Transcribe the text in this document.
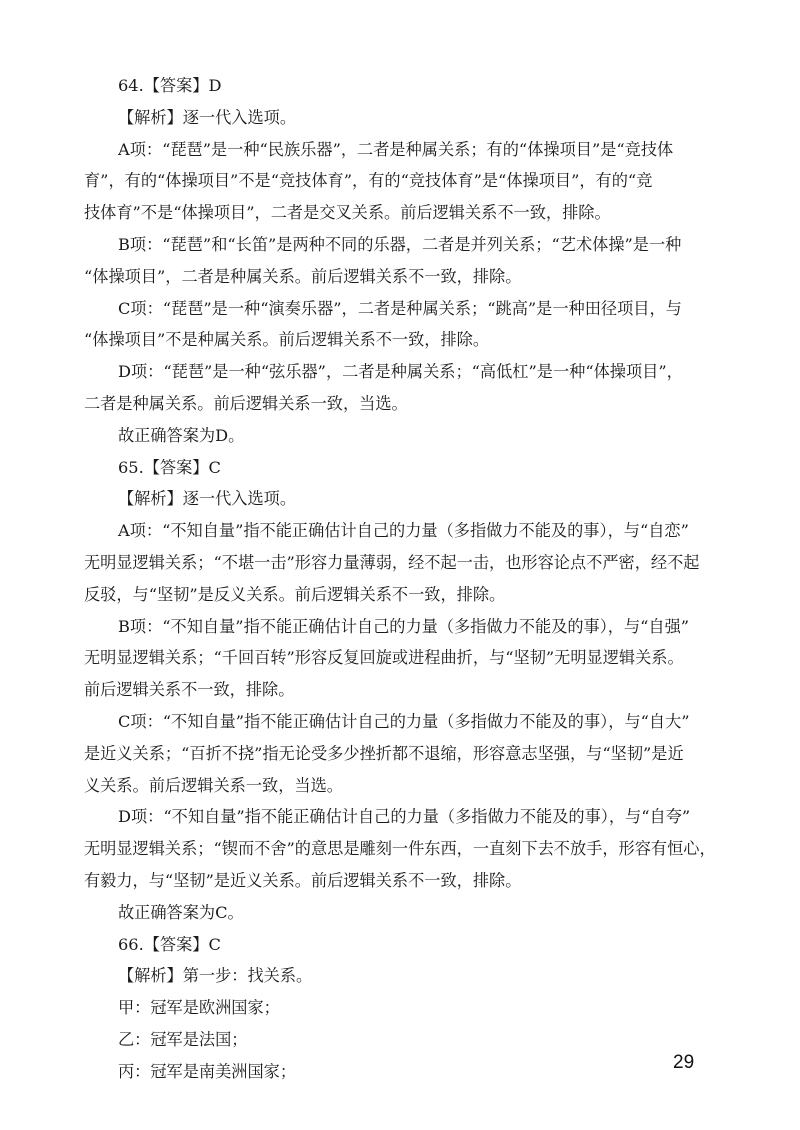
64.【答案】D
【解析】逐一代入选项。
A项：“琵琶”是一种“民族乐器”，二者是种属关系；有的“体操项目”是“竞技体
育”，有的“体操项目”不是“竞技体育”，有的“竞技体育”是“体操项目”，有的“竞
技体育”不是“体操项目”，二者是交叉关系。前后逻辑关系不一致，排除。
B项：“琵琶”和“长笛”是两种不同的乐器，二者是并列关系；“艺术体操”是一种
“体操项目”，二者是种属关系。前后逻辑关系不一致，排除。
C项：“琵琶”是一种“演奏乐器”，二者是种属关系；“跳高”是一种田径项目，与
“体操项目”不是种属关系。前后逻辑关系不一致，排除。
D项：“琵琶”是一种“弦乐器”，二者是种属关系；“高低杠”是一种“体操项目”，
二者是种属关系。前后逻辑关系一致，当选。
故正确答案为D。
65.【答案】C
【解析】逐一代入选项。
A项：“不知自量”指不能正确估计自己的力量（多指做力不能及的事），与“自恋”
无明显逻辑关系；“不堪一击”形容力量薄弱，经不起一击，也形容论点不严密，经不起
反驳，与“坚韧”是反义关系。前后逻辑关系不一致，排除。
B项：“不知自量”指不能正确估计自己的力量（多指做力不能及的事），与“自强”
无明显逻辑关系；“千回百转”形容反复回旋或进程曲折，与“坚韧”无明显逻辑关系。
前后逻辑关系不一致，排除。
C项：“不知自量”指不能正确估计自己的力量（多指做力不能及的事），与“自大”
是近义关系；“百折不挠”指无论受多少挫折都不退缩，形容意志坚强，与“坚韧”是近
义关系。前后逻辑关系一致，当选。
D项：“不知自量”指不能正确估计自己的力量（多指做力不能及的事），与“自夸”
无明显逻辑关系；“锲而不舍”的意思是雕刻一件东西，一直刻下去不放手，形容有恒心，
有毅力，与“坚韧”是近义关系。前后逻辑关系不一致，排除。
故正确答案为C。
66.【答案】C
【解析】第一步：找关系。
甲：冠军是欧洲国家；
乙：冠军是法国；
丙：冠军是南美洲国家；	29
